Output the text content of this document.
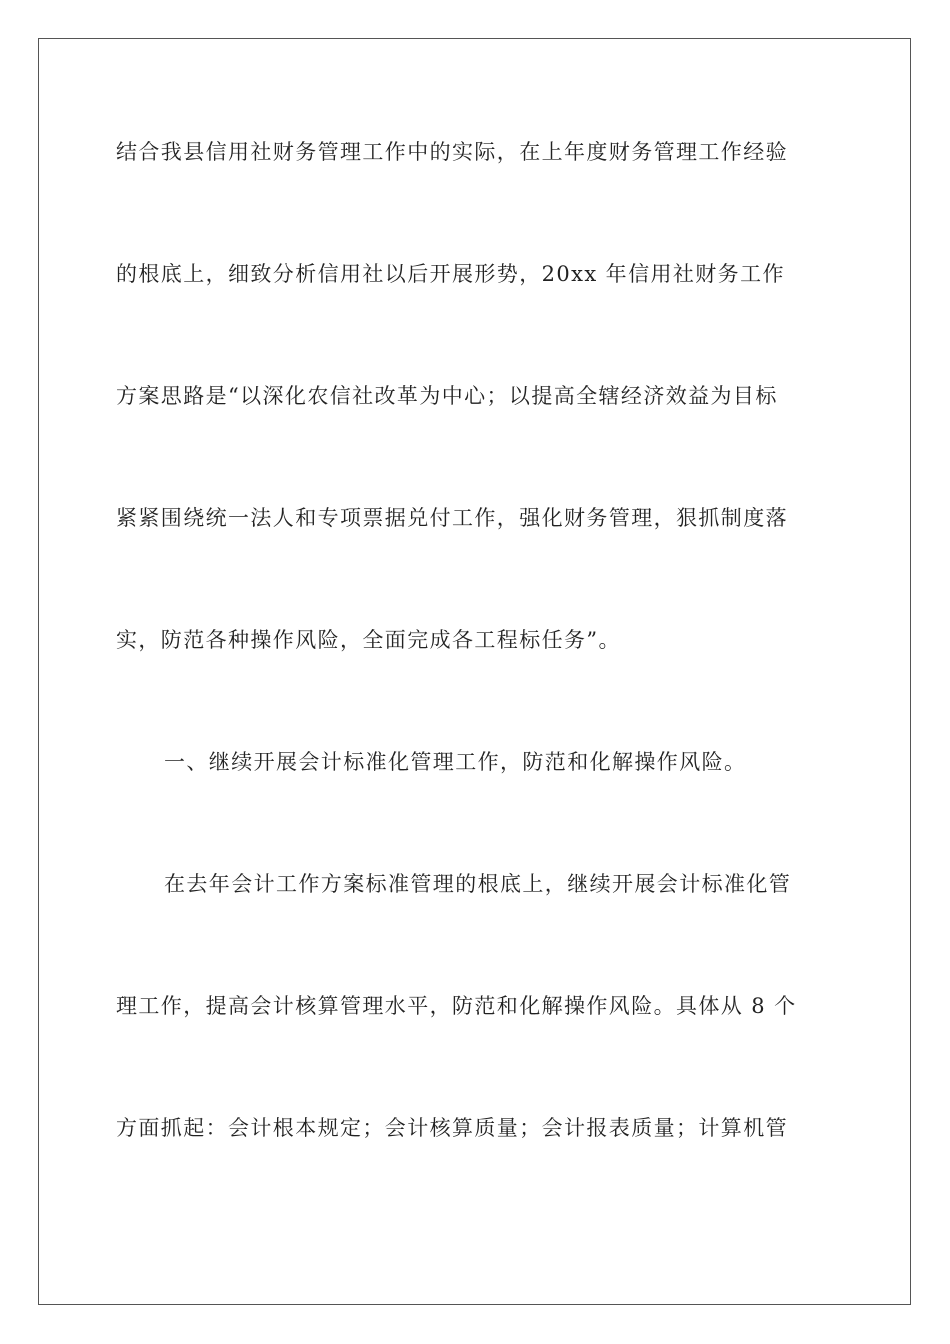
结合我县信用社财务管理工作中的实际，在上年度财务管理工作经验
的根底上，细致分析信用社以后开展形势，20xx 年信用社财务工作
方案思路是“以深化农信社改革为中心；以提高全辖经济效益为目标
紧紧围绕统一法人和专项票据兑付工作，强化财务管理，狠抓制度落
实，防范各种操作风险，全面完成各工程标任务”。
一、继续开展会计标准化管理工作，防范和化解操作风险。
在去年会计工作方案标准管理的根底上，继续开展会计标准化管
理工作，提高会计核算管理水平，防范和化解操作风险。具体从 8 个
方面抓起：会计根本规定；会计核算质量；会计报表质量；计算机管
